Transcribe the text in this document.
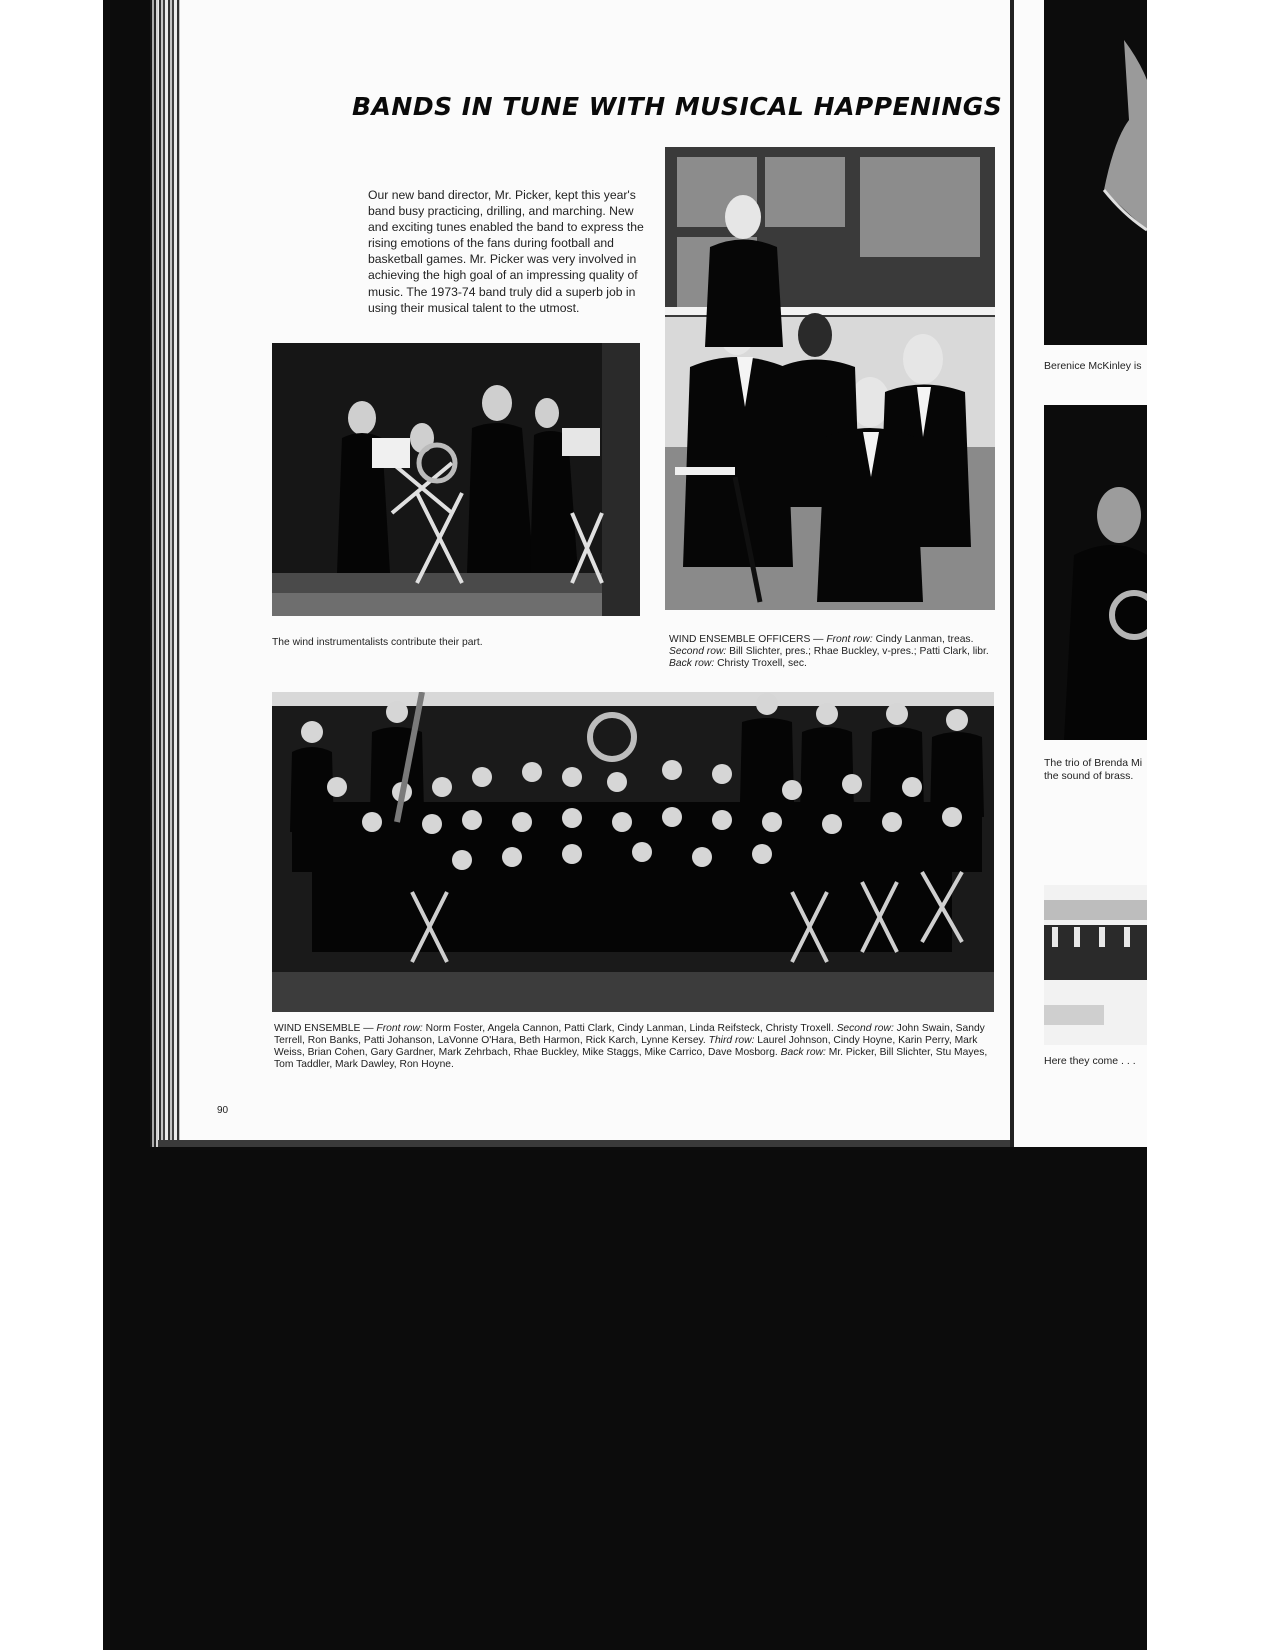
BANDS IN TUNE WITH MUSICAL HAPPENINGS

Our new band director, Mr. Picker, kept this year's band busy practicing, drilling, and marching. New and exciting tunes enabled the band to express the rising emotions of the fans during football and basketball games. Mr. Picker was very involved in achieving the high goal of an impressing quality of music. The 1973-74 band truly did a superb job in using their musical talent to the utmost.

The wind instrumentalists contribute their part.	WIND ENSEMBLE OFFICERS — Front row: Cindy Lanman, treas. Second row: Bill Slichter, pres.; Rhae Buckley, v-pres.; Patti Clark, libr. Back row: Christy Troxell, sec.

WIND ENSEMBLE — Front row: Norm Foster, Angela Cannon, Patti Clark, Cindy Lanman, Linda Reifsteck, Christy Troxell. Second row: John Swain, Sandy Terrell, Ron Banks, Patti Johanson, LaVonne O'Hara, Beth Harmon, Rick Karch, Lynne Kersey. Third row: Laurel Johnson, Cindy Hoyne, Karin Perry, Mark Weiss, Brian Cohen, Gary Gardner, Mark Zehrbach, Rhae Buckley, Mike Staggs, Mike Carrico, Dave Mosborg. Back row: Mr. Picker, Bill Slichter, Stu Mayes, Tom Taddler, Mark Dawley, Ron Hoyne.

90
Berenice McKinley is
The trio of Brenda Mi
the sound of brass.
Here they come . . .
